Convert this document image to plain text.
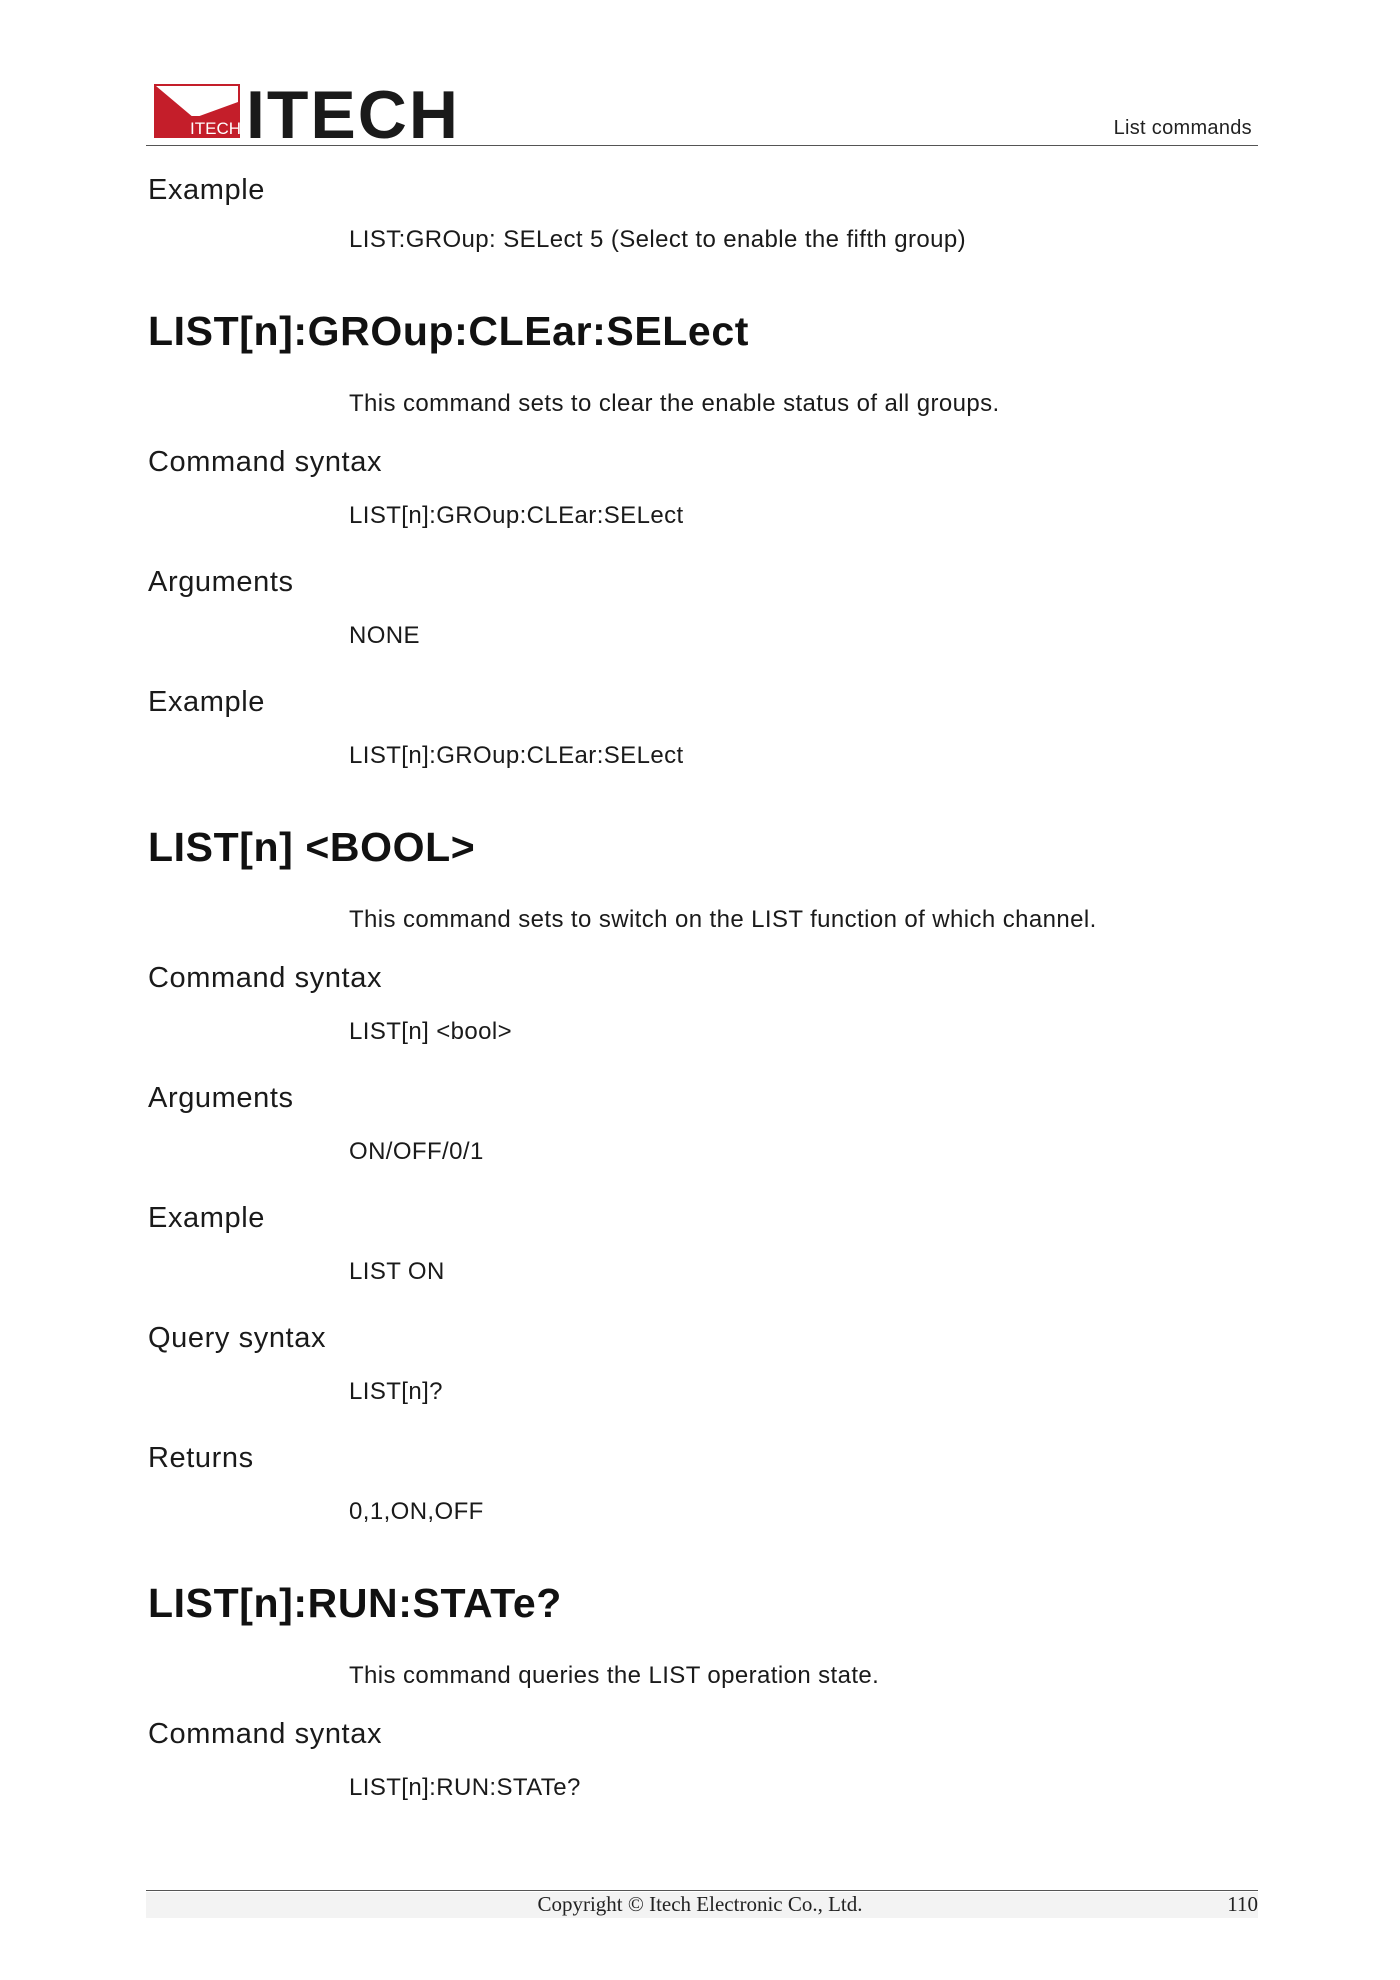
ITECH ITECH	List commands
Example
LIST:GROup: SELect 5 (Select to enable the fifth group)
LIST[n]:GROup:CLEar:SELect
This command sets to clear the enable status of all groups.
Command syntax
LIST[n]:GROup:CLEar:SELect
Arguments
NONE
Example
LIST[n]:GROup:CLEar:SELect
LIST[n] <BOOL>
This command sets to switch on the LIST function of which channel.
Command syntax
LIST[n] <bool>
Arguments
ON/OFF/0/1
Example
LIST ON
Query syntax
LIST[n]?
Returns
0,1,ON,OFF
LIST[n]:RUN:STATe?
This command queries the LIST operation state.
Command syntax
LIST[n]:RUN:STATe?
Copyright © Itech Electronic Co., Ltd.	110
